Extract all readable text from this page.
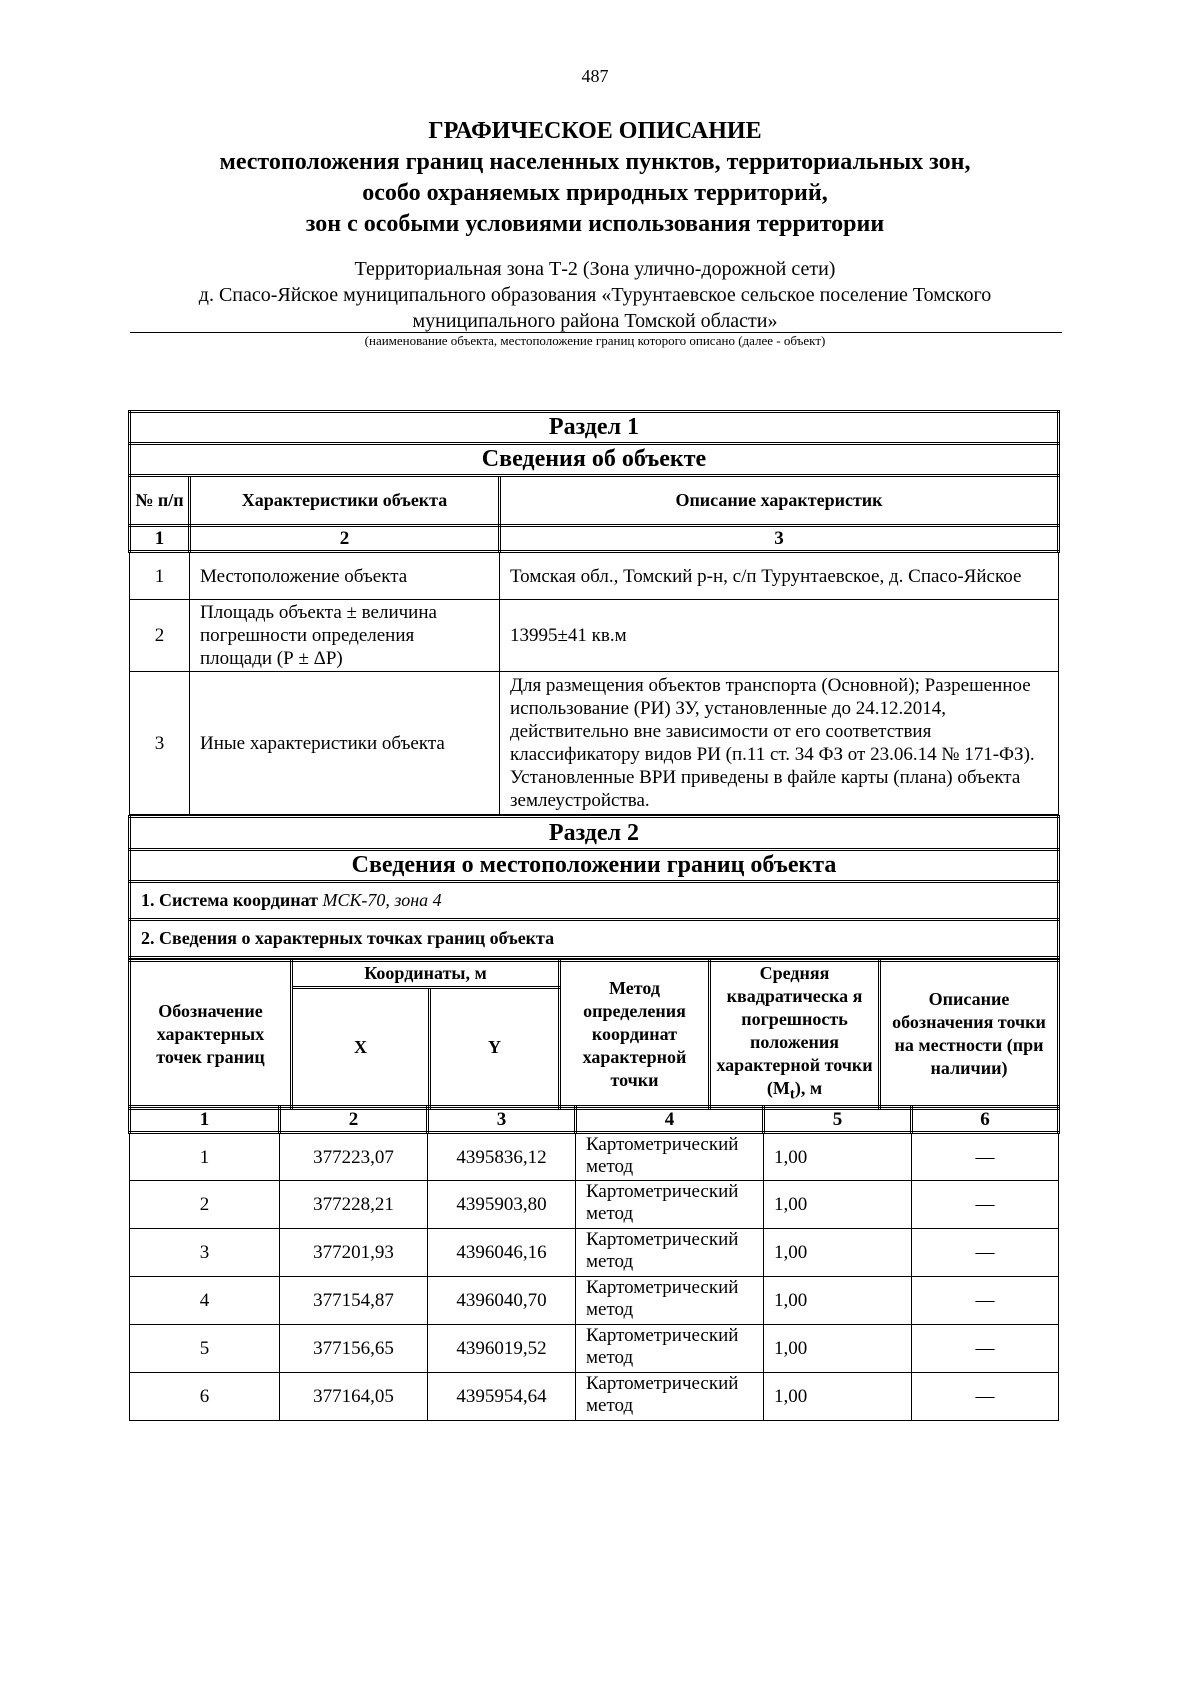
487
ГРАФИЧЕСКОЕ ОПИСАНИЕ
местоположения границ населенных пунктов, территориальных зон,
особо охраняемых природных территорий,
зон с особыми условиями использования территории
Территориальная зона Т-2 (Зона улично-дорожной сети)
д. Спасо-Яйское муниципального образования «Турунтаевское сельское поселение Томского
муниципального района Томской области»
(наименование объекта, местоположение границ которого описано (далее - объект)
Раздел 1		
Сведения об объекте		
№ п/п	Характеристики объекта	Описание характеристик
1	2	3
1	Местоположение объекта	Томская обл., Томский р-н, с/п Турунтаевское, д. Спасо-Яйское
2	Площадь объекта ± величина погрешности определения площади (Р ± ΔР)	13995±41 кв.м
3	Иные характеристики объекта	Для размещения объектов транспорта (Основной); Разрешенное использование (РИ) ЗУ, установленные до 24.12.2014, действительно вне зависимости от его соответствия классификатору видов РИ (п.11 ст. 34 ФЗ от 23.06.14 № 171-ФЗ). Установленные ВРИ приведены в файле карты (плана) объекта землеустройства.
Раздел 2
Сведения о местоположении границ объекта
1. Система координат МСК-70, зона 4
2. Сведения о характерных точках границ объекта
Обозначение характерных точек границ	Координаты, м		Метод определения координат характерной точки	Средняя квадратическа я погрешность положения характерной точки $(M_t)$, м	Описание обозначения точки на местности (при наличии)
	X	Y			
1	2	3	4	5	6
1	377223,07	4395836,12	Картометрический метод	1,00	—
2	377228,21	4395903,80	Картометрический метод	1,00	—
3	377201,93	4396046,16	Картометрический метод	1,00	—
4	377154,87	4396040,70	Картометрический метод	1,00	—
5	377156,65	4396019,52	Картометрический метод	1,00	—
6	377164,05	4395954,64	Картометрический метод	1,00	—
